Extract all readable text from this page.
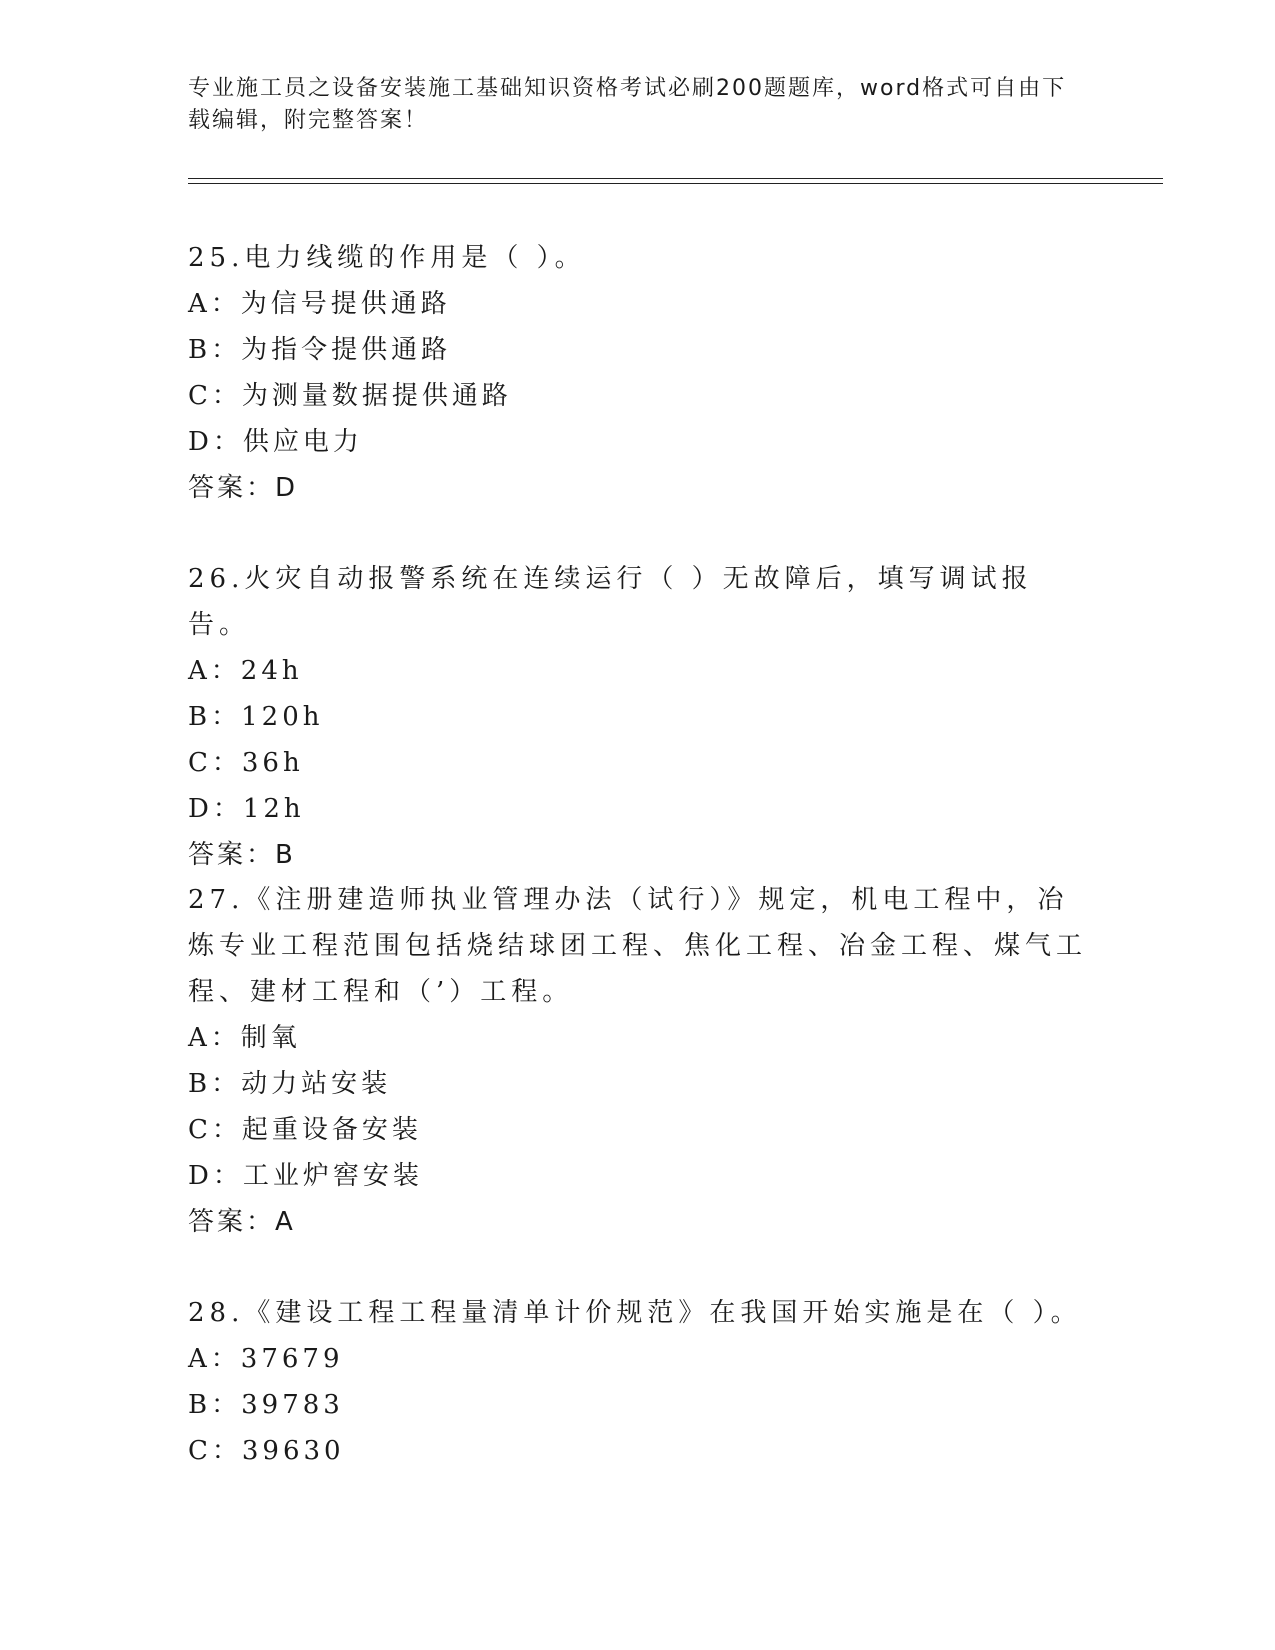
专业施工员之设备安装施工基础知识资格考试必刷200题题库，word格式可自由下载编辑，附完整答案！

25.电力线缆的作用是（ ）。

A：为信号提供通路

B：为指令提供通路

C：为测量数据提供通路

D：供应电力

答案：D

26.火灾自动报警系统在连续运行（ ）无故障后，填写调试报告。

A：24h

B：120h

C：36h

D：12h

答案：B

27.《注册建造师执业管理办法（试行）》规定，机电工程中，冶炼专业工程范围包括烧结球团工程、焦化工程、冶金工程、煤气工程、建材工程和（’）工程。

A：制氧

B：动力站安装

C：起重设备安装

D：工业炉窖安装

答案：A

28.《建设工程工程量清单计价规范》在我国开始实施是在（ ）。

A：37679

B：39783

C：39630
